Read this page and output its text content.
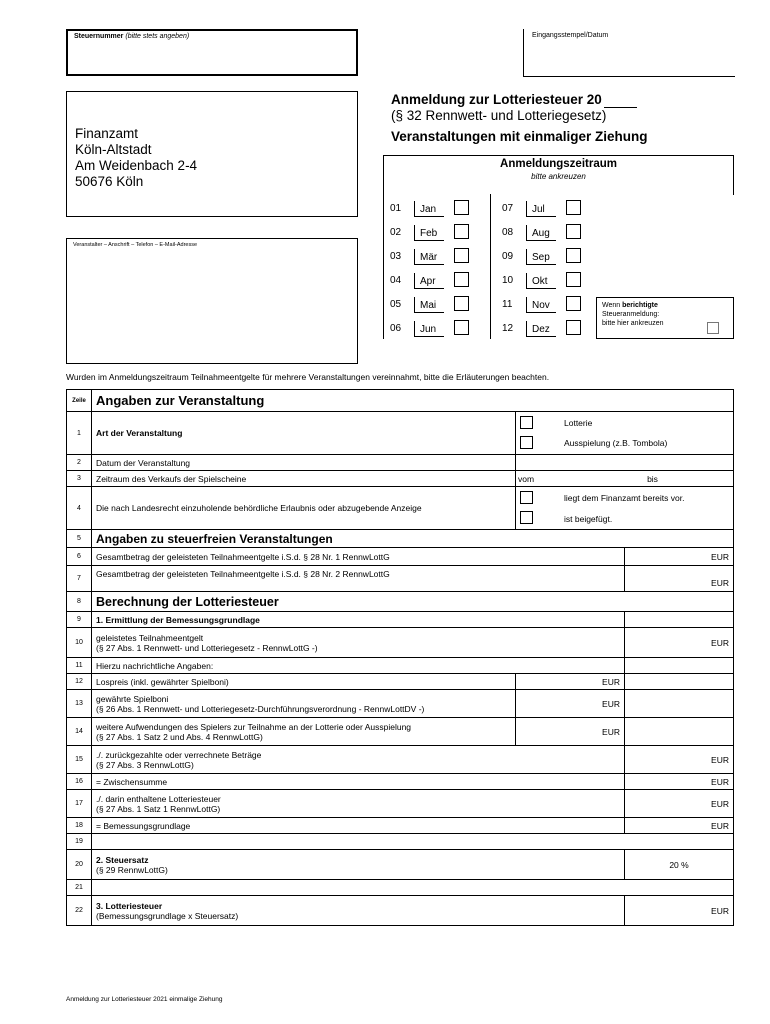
Steuernummer (bitte stets angeben)	Eingangsstempel/Datum
Anmeldung zur Lotteriesteuer 20
(§ 32 Rennwett- und Lotteriegesetz)
Veranstaltungen mit einmaliger Ziehung
Finanzamt
Köln-Altstadt
Am Weidenbach 2-4
50676 Köln
Veranstalter – Anschrift – Telefon – E-Mail-Adresse
Anmeldungszeitraum
bitte ankreuzen
01	Jan
02	Feb
03	Mär
04	Apr
05	Mai
06	Jun
07	Jul
08	Aug
09	Sep
10	Okt
11	Nov
12	Dez
Wenn berichtigte
Steueranmeldung:
bitte hier ankreuzen
Wurden im Anmeldungszeitraum Teilnahmeentgelte für mehrere Veranstaltungen vereinnahmt, bitte die Erläuterungen beachten.
Zeile	Angaben zur Veranstaltung		
1	Art der Veranstaltung	Lotterie
Ausspielung (z.B. Tombola)	

2	Datum der Veranstaltung		
3	Zeitraum des Verkaufs der Spielscheine	vom bis	
4	Die nach Landesrecht einzuholende behördliche Erlaubnis oder abzugebende Anzeige	liegt dem Finanzamt bereits vor.
ist beigefügt.	

5	Angaben zu steuerfreien Veranstaltungen		
6	Gesamtbetrag der geleisteten Teilnahmeentgelte i.S.d. § 28 Nr. 1 RennwLottG		EUR
7	Gesamtbetrag der geleisteten Teilnahmeentgelte i.S.d. § 28 Nr. 2 RennwLottG		EUR
8	Berechnung der Lotteriesteuer		
9	1. Ermittlung der Bemessungsgrundlage		
10	geleistetes Teilnahmeentgelt
(§ 27 Abs. 1 Rennwett- und Lotteriegesetz - RennwLottG -)		EUR
11	Hierzu nachrichtliche Angaben:		
12	Lospreis (inkl. gewährter Spielboni)	EUR	
13	gewährte Spielboni
(§ 26 Abs. 1 Rennwett- und Lotteriegesetz-Durchführungsverordnung - RennwLottDV -)	EUR	
14	weitere Aufwendungen des Spielers zur Teilnahme an der Lotterie oder Ausspielung
(§ 27 Abs. 1 Satz 2 und Abs. 4 RennwLottG)	EUR	
15	./. zurückgezahlte oder verrechnete Beträge
(§ 27 Abs. 3 RennwLottG)		EUR
16	= Zwischensumme		EUR
17	./. darin enthaltene Lotteriesteuer
(§ 27 Abs. 1 Satz 1 RennwLottG)		EUR
18	= Bemessungsgrundlage		EUR
19			
20	2. Steuersatz
(§ 29 RennwLottG)		20 %
21			
22	3. Lotteriesteuer
(Bemessungsgrundlage x Steuersatz)		EUR
Anmeldung zur Lotteriesteuer 2021 einmalige Ziehung
